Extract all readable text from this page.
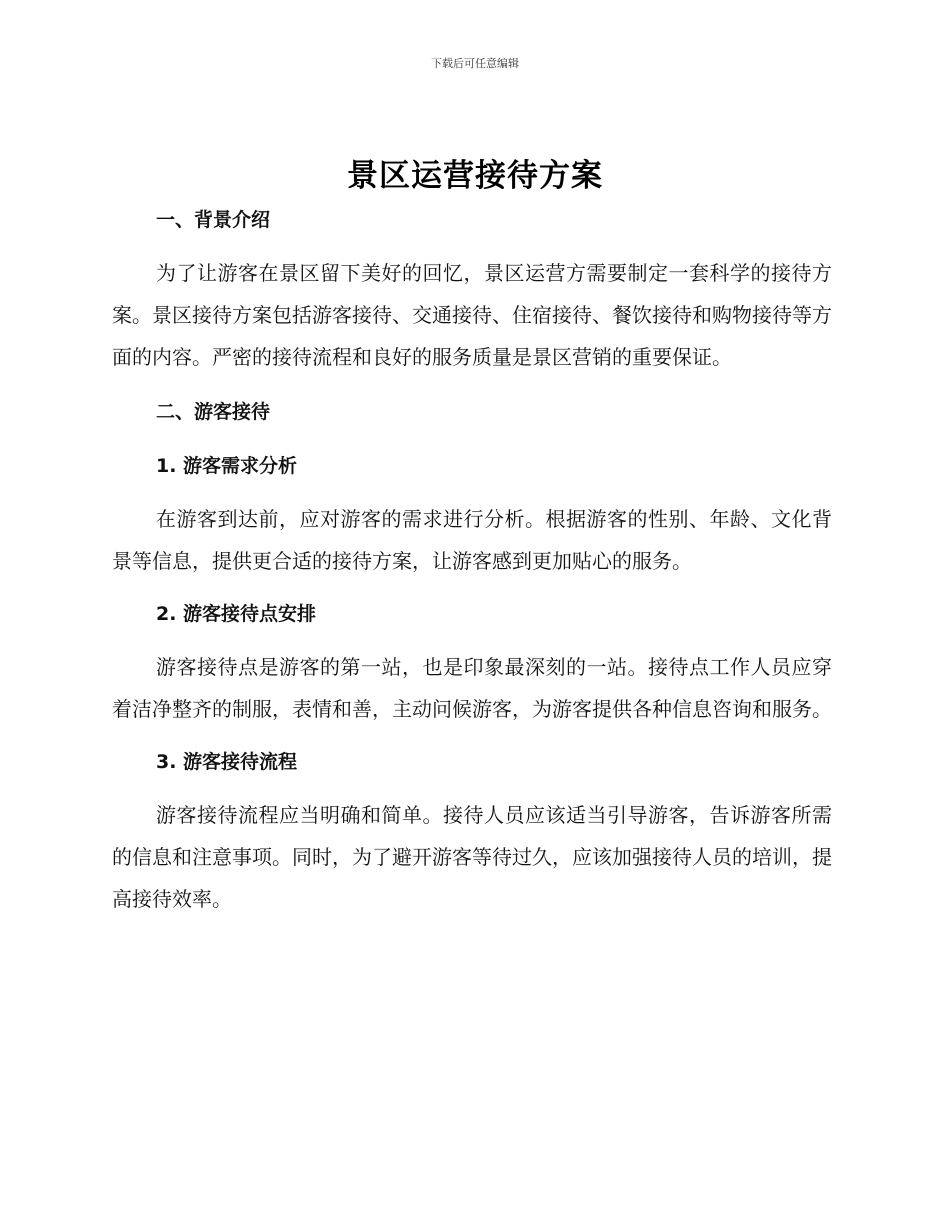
下载后可任意编辑
景区运营接待方案
一、背景介绍

为了让游客在景区留下美好的回忆，景区运营方需要制定一套科学的接待方案。景区接待方案包括游客接待、交通接待、住宿接待、餐饮接待和购物接待等方面的内容。严密的接待流程和良好的服务质量是景区营销的重要保证。

二、游客接待
1. 游客需求分析

在游客到达前，应对游客的需求进行分析。根据游客的性别、年龄、文化背景等信息，提供更合适的接待方案，让游客感到更加贴心的服务。

2. 游客接待点安排

游客接待点是游客的第一站，也是印象最深刻的一站。接待点工作人员应穿着洁净整齐的制服，表情和善，主动问候游客，为游客提供各种信息咨询和服务。

3. 游客接待流程

游客接待流程应当明确和简单。接待人员应该适当引导游客，告诉游客所需的信息和注意事项。同时，为了避开游客等待过久，应该加强接待人员的培训，提高接待效率。
